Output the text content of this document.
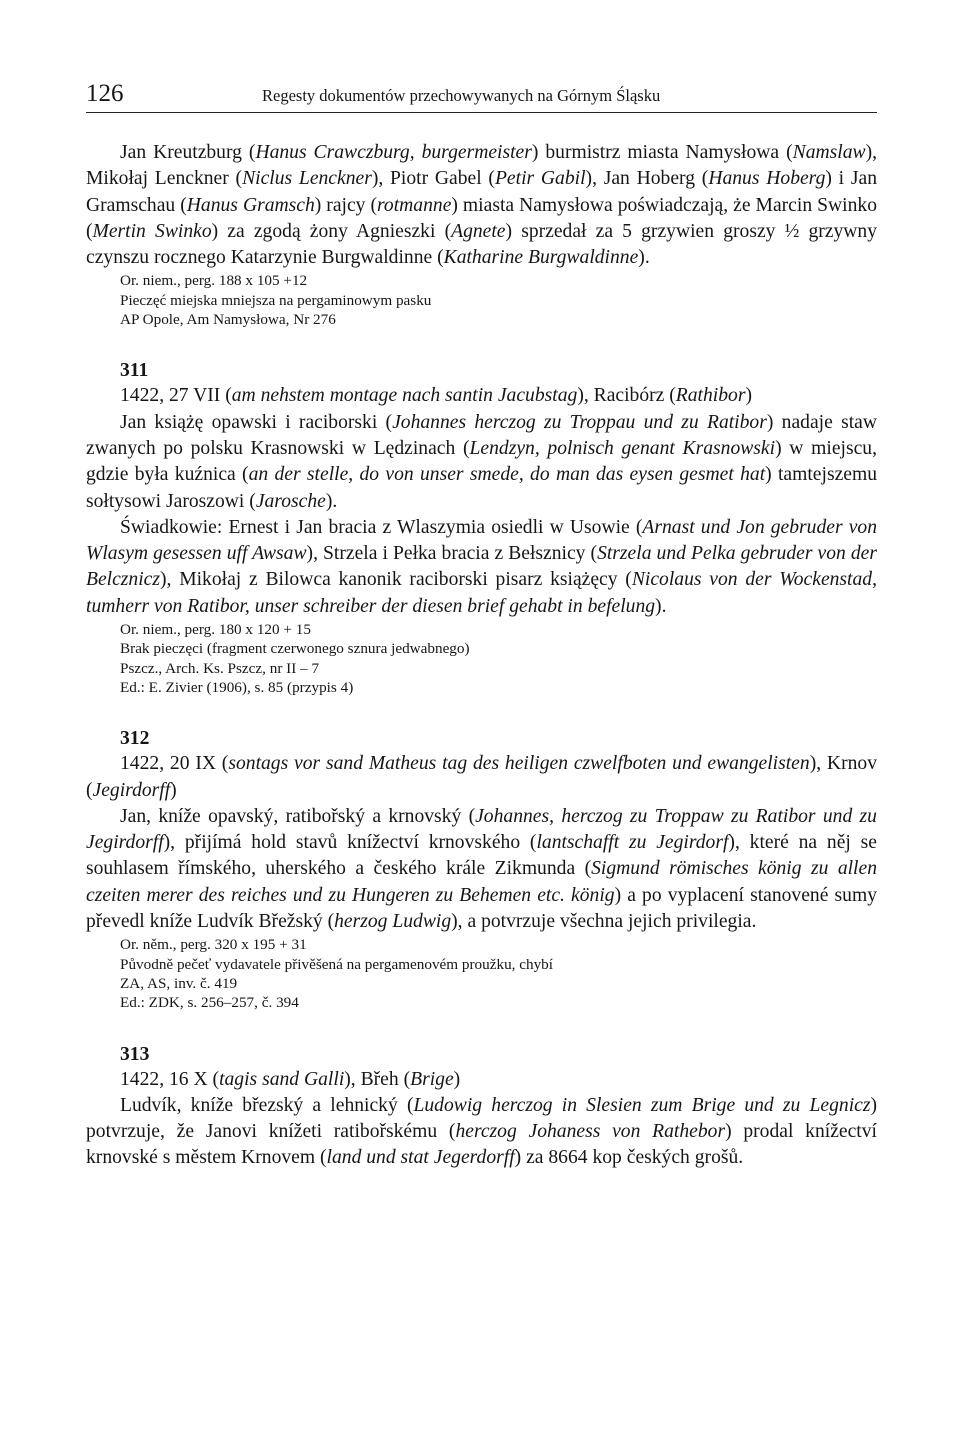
126	Regesty dokumentów przechowywanych na Górnym Śląsku

Jan Kreutzburg (Hanus Crawczburg, burgermeister) burmistrz miasta Namysłowa (Namslaw), Mikołaj Lenckner (Niclus Lenckner), Piotr Gabel (Petir Gabil), Jan Hoberg (Hanus Hoberg) i Jan Gramschau (Hanus Gramsch) rajcy (rotmanne) miasta Namysłowa poświadczają, że Marcin Swinko (Mertin Swinko) za zgodą żony Agnieszki (Agnete) sprzedał za 5 grzywien groszy ½ grzywny czynszu rocznego Katarzynie Burgwaldinne (Katharine Burgwaldinne).

Or. niem., perg. 188 x 105 +12

Pieczęć miejska mniejsza na pergaminowym pasku

AP Opole, Am Namysłowa, Nr 276

311

1422, 27 VII (am nehstem montage nach santin Jacubstag), Racibórz (Rathibor)

Jan książę opawski i raciborski (Johannes herczog zu Troppau und zu Ratibor) nadaje staw zwanych po polsku Krasnowski w Lędzinach (Lendzyn, polnisch genant Krasnowski) w miejscu, gdzie była kuźnica (an der stelle, do von unser smede, do man das eysen gesmet hat) tamtejszemu sołtysowi Jaroszowi (Jarosche).

Świadkowie: Ernest i Jan bracia z Wlaszymia osiedli w Usowie (Arnast und Jon gebruder von Wlasym gesessen uff Awsaw), Strzela i Pełka bracia z Bełsznicy (Strzela und Pelka gebruder von der Belcznicz), Mikołaj z Bilowca kanonik raciborski pisarz książęcy (Nicolaus von der Wockenstad, tumherr von Ratibor, unser schreiber der diesen brief gehabt in befelung).

Or. niem., perg. 180 x 120 + 15

Brak pieczęci (fragment czerwonego sznura jedwabnego)

Pszcz., Arch. Ks. Pszcz, nr II – 7

Ed.: E. Zivier (1906), s. 85 (przypis 4)

312

1422, 20 IX (sontags vor sand Matheus tag des heiligen czwelfboten und ewangelisten), Krnov (Jegirdorff)

Jan, kníže opavský, ratibořský a krnovský (Johannes, herczog zu Troppaw zu Ratibor und zu Jegirdorff), přijímá hold stavů knížectví krnovského (lantschafft zu Jegirdorf), které na něj se souhlasem římského, uherského a českého krále Zikmunda (Sigmund römisches könig zu allen czeiten merer des reiches und zu Hungeren zu Behemen etc. könig) a po vyplacení stanovené sumy převedl kníže Ludvík Břežský (herzog Ludwig), a potvrzuje všechna jejich privilegia.

Or. něm., perg. 320 x 195 + 31

Původně pečeť vydavatele přivěšená na pergamenovém proužku, chybí

ZA, AS, inv. č. 419

Ed.: ZDK, s. 256–257, č. 394

313

1422, 16 X (tagis sand Galli), Břeh (Brige)

Ludvík, kníže březský a lehnický (Ludowig herczog in Slesien zum Brige und zu Legnicz) potvrzuje, že Janovi knížeti ratibořskému (herczog Johaness von Rathebor) prodal knížectví krnovské s městem Krnovem (land und stat Jegerdorff) za 8664 kop českých grošů.
